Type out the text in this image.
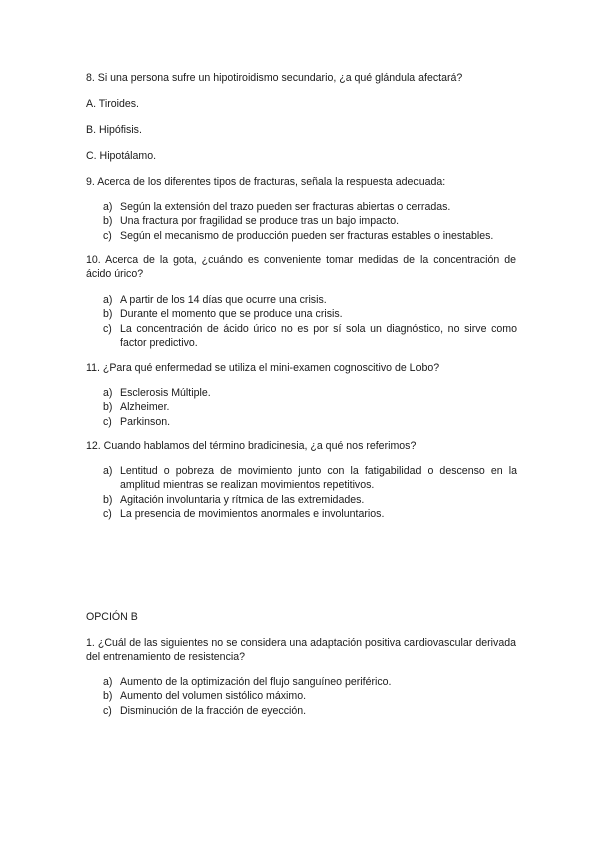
8. Si una persona sufre un hipotiroidismo secundario, ¿a qué glándula afectará?
A. Tiroides.
B. Hipófisis.
C. Hipotálamo.
9. Acerca de los diferentes tipos de fracturas, señala la respuesta adecuada:
a) Según la extensión del trazo pueden ser fracturas abiertas o cerradas.
b) Una fractura por fragilidad se produce tras un bajo impacto.
c) Según el mecanismo de producción pueden ser fracturas estables o inestables.
10. Acerca de la gota, ¿cuándo es conveniente tomar medidas de la concentración de ácido úrico?
a) A partir de los 14 días que ocurre una crisis.
b) Durante el momento que se produce una crisis.
c) La concentración de ácido úrico no es por sí sola un diagnóstico, no sirve como factor predictivo.
11. ¿Para qué enfermedad se utiliza el mini-examen cognoscitivo de Lobo?
a) Esclerosis Múltiple.
b) Alzheimer.
c) Parkinson.
12. Cuando hablamos del término bradicinesia, ¿a qué nos referimos?
a) Lentitud o pobreza de movimiento junto con la fatigabilidad o descenso en la amplitud mientras se realizan movimientos repetitivos.
b) Agitación involuntaria y rítmica de las extremidades.
c) La presencia de movimientos anormales e involuntarios.
OPCIÓN B
1. ¿Cuál de las siguientes no se considera una adaptación positiva cardiovascular derivada del entrenamiento de resistencia?
a) Aumento de la optimización del flujo sanguíneo periférico.
b) Aumento del volumen sistólico máximo.
c) Disminución de la fracción de eyección.
